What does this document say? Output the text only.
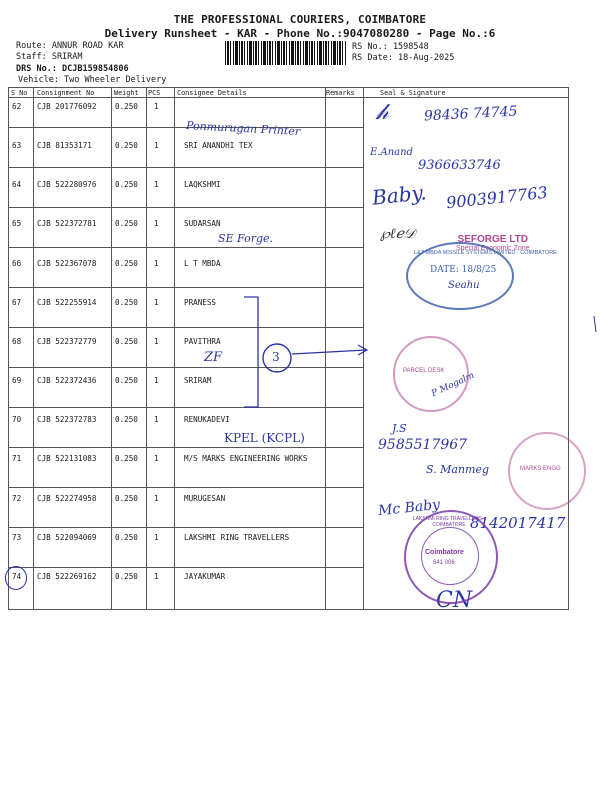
THE PROFESSIONAL COURIERS, COIMBATORE
Delivery Runsheet - KAR - Phone No.:9047080280 - Page No.:6
Route: ANNUR ROAD KAR
Staff: SRIRAM
DRS No.: DCJB159854806
Vehicle: Two Wheeler Delivery
RS No.: 1598548
RS Date: 18-Aug-2025
S No Consignment No	Weight PCS Consignee Details	Remarks	Seal & Signature
62 CJB 201776092 0.250 1
63 CJB 81353171	0.250 1	SRI ANANDHI TEX
64 CJB 522280976 0.250 1	LAQKSHMI
65 CJB 522372781 0.250 1	SUDARSAN
66 CJB 522367078 0.250 1	L T MBDA
67 CJB 522255914 0.250 1	PRANESS
68 CJB 522372779 0.250 1	PAVITHRA
69 CJB 522372436 0.250 1	SRIRAM
70 CJB 522372783 0.250 1	RENUKADEVI
71 CJB 522131083 0.250 1	M/S MARKS ENGINEERING WORKS
72 CJB 522274958 0.250 1	MURUGESAN
73 CJB 522094069 0.250 1	LAKSHMI RING TRAVELLERS
74 CJB 522269162 0.250 1	JAYAKUMAR
Ponmurugan Printer
𝒽 98436 74745
E.Anand
9366633746
Baby. 9003917763
SE Forge.	℘ℓℯ𝒟
ZF
P Mogalm
KPEL (KCPL)
J.S
9585517967
S. Manmeg
Mc Baby
8142017417
CN
3
SEFORGE LTD
Special Economic Zone
L&T MBDA MISSILE SYSTEMS LIMITED · COIMBATORE
DATE: 18/8/25
Seahu
PARCEL DESK
MARKS ENGG
LAKSHMI RING TRAVELLERS · COIMBATORE
Coimbatore
641 006
